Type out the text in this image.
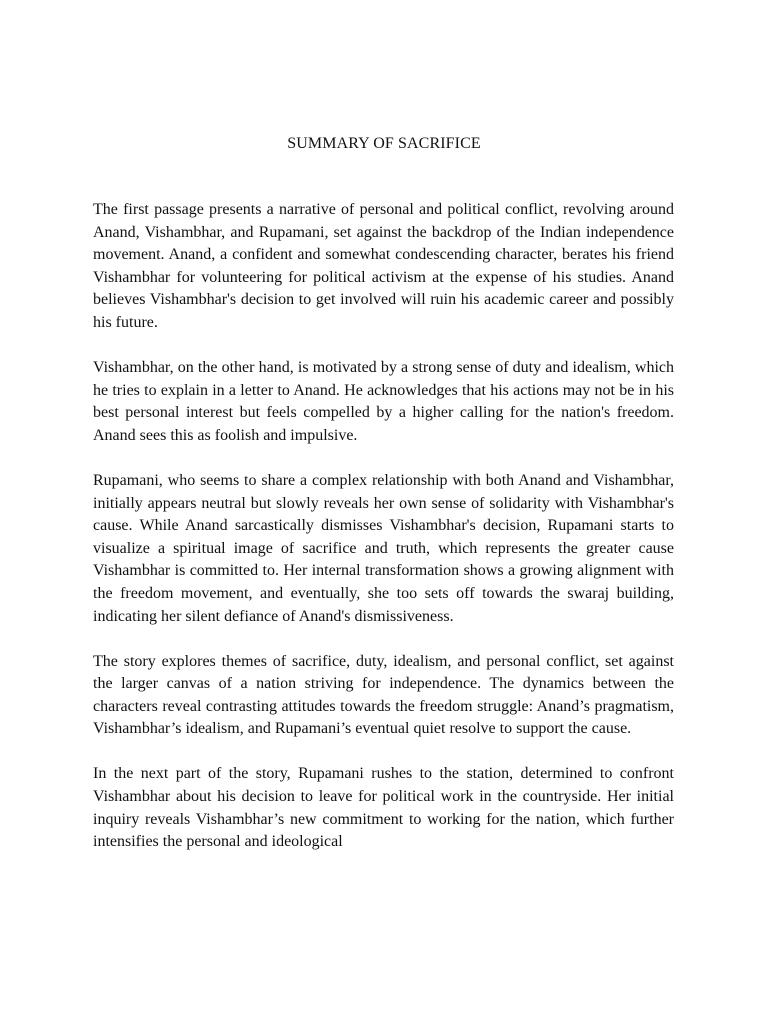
SUMMARY OF SACRIFICE

The first passage presents a narrative of personal and political conflict, revolving around Anand, Vishambhar, and Rupamani, set against the backdrop of the Indian independence movement. Anand, a confident and somewhat condescending character, berates his friend Vishambhar for volunteering for political activism at the expense of his studies. Anand believes Vishambhar's decision to get involved will ruin his academic career and possibly his future.

Vishambhar, on the other hand, is motivated by a strong sense of duty and idealism, which he tries to explain in a letter to Anand. He acknowledges that his actions may not be in his best personal interest but feels compelled by a higher calling for the nation's freedom. Anand sees this as foolish and impulsive.

Rupamani, who seems to share a complex relationship with both Anand and Vishambhar, initially appears neutral but slowly reveals her own sense of solidarity with Vishambhar's cause. While Anand sarcastically dismisses Vishambhar's decision, Rupamani starts to visualize a spiritual image of sacrifice and truth, which represents the greater cause Vishambhar is committed to. Her internal transformation shows a growing alignment with the freedom movement, and eventually, she too sets off towards the swaraj building, indicating her silent defiance of Anand's dismissiveness.

The story explores themes of sacrifice, duty, idealism, and personal conflict, set against the larger canvas of a nation striving for independence. The dynamics between the characters reveal contrasting attitudes towards the freedom struggle: Anand’s pragmatism, Vishambhar’s idealism, and Rupamani’s eventual quiet resolve to support the cause.

In the next part of the story, Rupamani rushes to the station, determined to confront Vishambhar about his decision to leave for political work in the countryside. Her initial inquiry reveals Vishambhar’s new commitment to working for the nation, which further intensifies the personal and ideological
